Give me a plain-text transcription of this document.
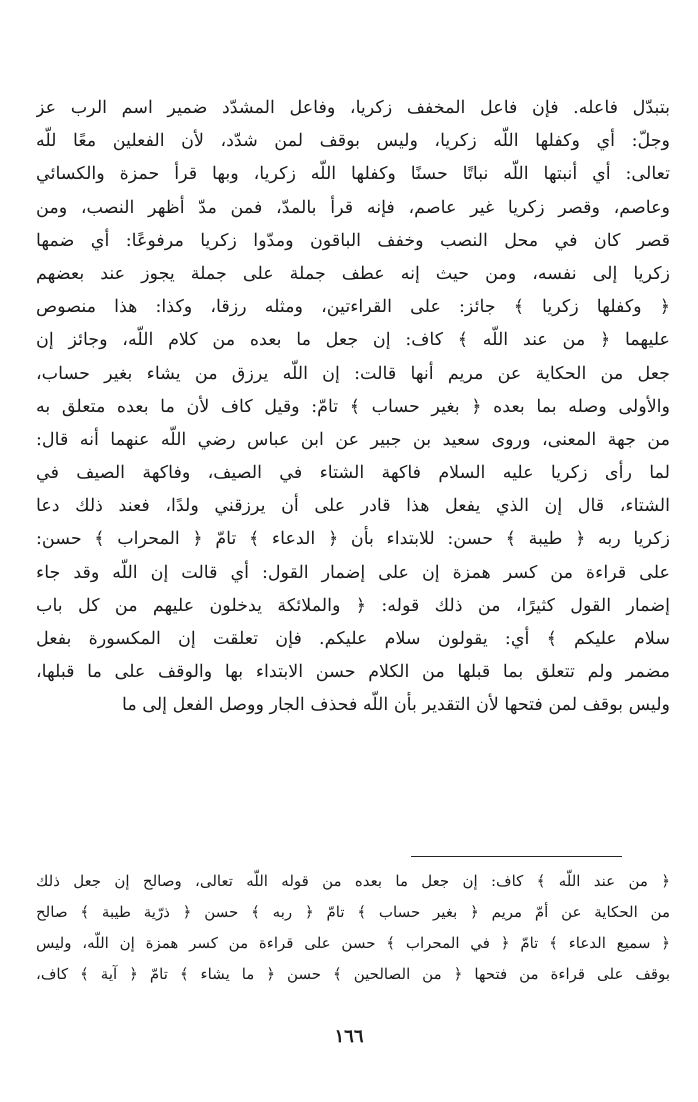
بتبدّل فاعله. فإن فاعل المخفف زكريا، وفاعل المشدّد ضمير اسم الرب عز
وجلّ: أي وكفلها اللّه زكريا، وليس بوقف لمن شدّد، لأن الفعلين معًا للّه
تعالى: أي أنبتها اللّه نباتًا حسنًا وكفلها اللّه زكريا، وبها قرأ حمزة والكسائي
وعاصم، وقصر زكريا غير عاصم، فإنه قرأ بالمدّ، فمن مدّ أظهر النصب، ومن
قصر كان في محل النصب وخفف الباقون ومدّوا زكريا مرفوعًا: أي ضمها
زكريا إلى نفسه، ومن حيث إنه عطف جملة على جملة يجوز عند بعضهم
﴿ وكفلها زكريا ﴾ جائز: على القراءتين، ومثله رزقا، وكذا: هذا منصوص
عليهما ﴿ من عند اللّه ﴾ كاف: إن جعل ما بعده من كلام اللّه، وجائز إن
جعل من الحكاية عن مريم أنها قالت: إن اللّه يرزق من يشاء بغير حساب،
والأولى وصله بما بعده ﴿ بغير حساب ﴾ تامّ: وقيل كاف لأن ما بعده متعلق به
من جهة المعنى، وروى سعيد بن جبير عن ابن عباس رضي اللّه عنهما أنه قال:
لما رأى زكريا عليه السلام فاكهة الشتاء في الصيف، وفاكهة الصيف في
الشتاء، قال إن الذي يفعل هذا قادر على أن يرزقني ولدًا، فعند ذلك دعا
زكريا ربه ﴿ طيبة ﴾ حسن: للابتداء بأن ﴿ الدعاء ﴾ تامّ ﴿ المحراب ﴾ حسن:
على قراءة من كسر همزة إن على إضمار القول: أي قالت إن اللّه وقد جاء
إضمار القول كثيرًا، من ذلك قوله: ﴿ والملائكة يدخلون عليهم من كل باب
سلام عليكم ﴾ أي: يقولون سلام عليكم. فإن تعلقت إن المكسورة بفعل
مضمر ولم تتعلق بما قبلها من الكلام حسن الابتداء بها والوقف على ما قبلها،
وليس بوقف لمن فتحها لأن التقدير بأن اللّه فحذف الجار ووصل الفعل إلى ما
﴿ من عند اللّه ﴾ كاف: إن جعل ما بعده من قوله اللّه تعالى، وصالح إن جعل ذلك
من الحكاية عن أمّ مريم ﴿ بغير حساب ﴾ تامّ ﴿ ربه ﴾ حسن ﴿ ذرّية طيبة ﴾ صالح
﴿ سميع الدعاء ﴾ تامّ ﴿ في المحراب ﴾ حسن على قراءة من كسر همزة إن اللّه، وليس
بوقف على قراءة من فتحها ﴿ من الصالحين ﴾ حسن ﴿ ما يشاء ﴾ تامّ ﴿ آية ﴾ كاف،
١٦٦
